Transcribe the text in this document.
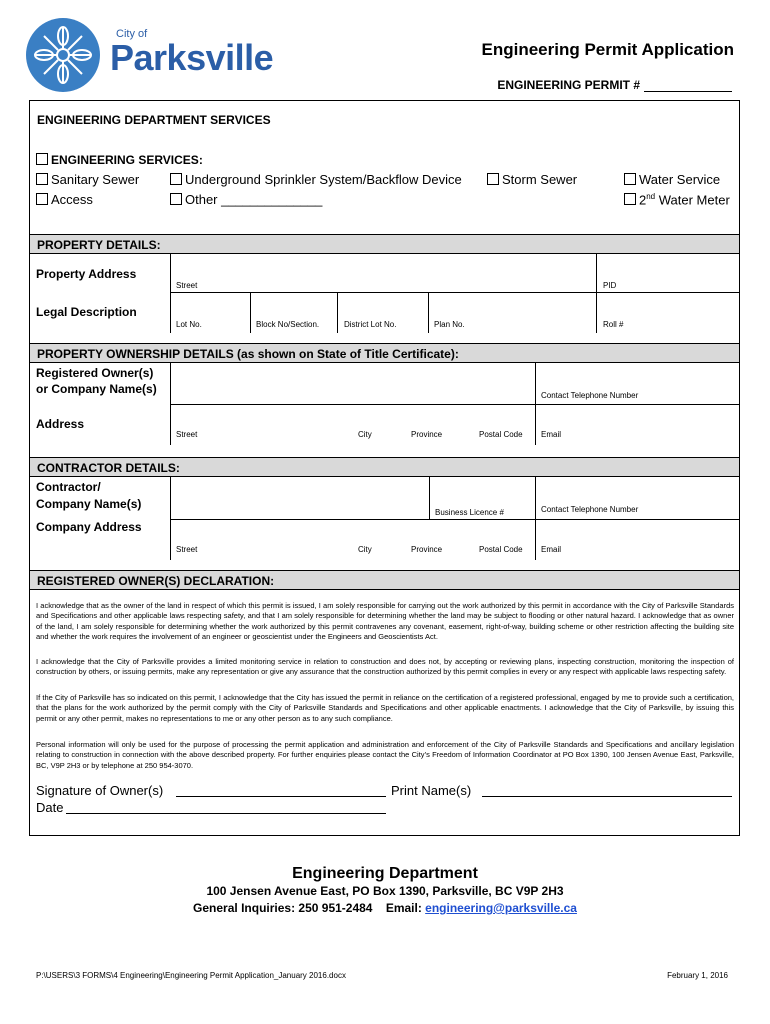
City of
Parksville	Engineering Permit Application
ENGINEERING PERMIT #
ENGINEERING DEPARTMENT SERVICES
ENGINEERING SERVICES:
Sanitary Sewer	Underground Sprinkler System/Backflow Device	Storm Sewer	Water Service
Access	Other ______________	2nd Water Meter
PROPERTY DETAILS:
Property Address
Street	PID
Legal Description
Lot No.	Block No/Section.	District Lot No.	Plan No.	Roll #
PROPERTY OWNERSHIP DETAILS (as shown on State of Title Certificate):
Registered Owner(s)
or Company Name(s)	Contact Telephone Number
Address
Street	City	Province	Postal Code Email
CONTRACTOR DETAILS:
Contractor/
Company Name(s)
Business Licence #	Contact Telephone Number
Company Address
Street	City	Province	Postal Code Email
REGISTERED OWNER(S) DECLARATION:
I acknowledge that as the owner of the land in respect of which this permit is issued, I am solely responsible for carrying out the work authorized by this permit in accordance with the City of Parksville Standards and Specifications and other applicable laws respecting safety, and that I am solely responsible for determining whether the land may be subject to flooding or other natural hazard. I acknowledge that as owner of the land, I am solely responsible for determining whether the work authorized by this permit contravenes any covenant, easement, right-of-way, building scheme or other restriction affecting the building site and whether the work requires the involvement of an engineer or geoscientist under the Engineers and Geoscientists Act.
I acknowledge that the City of Parksville provides a limited monitoring service in relation to construction and does not, by accepting or reviewing plans, inspecting construction, monitoring the inspection of construction by others, or issuing permits, make any representation or give any assurance that the construction authorized by this permit complies in every or any respect with applicable laws respecting safety.
If the City of Parksville has so indicated on this permit, I acknowledge that the City has issued the permit in reliance on the certification of a registered professional, engaged by me to provide such a certification, that the plans for the work authorized by the permit comply with the City of Parksville Standards and Specifications and other applicable enactments. I acknowledge that the City of Parksville, by issuing this permit or any other permit, makes no representations to me or any other person as to any such compliance.
Personal information will only be used for the purpose of processing the permit application and administration and enforcement of the City of Parksville Standards and Specifications and ancillary legislation relating to construction in connection with the above described property. For further enquiries please contact the City’s Freedom of Information Coordinator at PO Box 1390, 100 Jensen Avenue East, Parksville, BC, V9P 2H3 or by telephone at 250 954-3070.
Signature of Owner(s)	Print Name(s)
Date
Engineering Department
100 Jensen Avenue East, PO Box 1390, Parksville, BC V9P 2H3
General Inquiries: 250 951-2484    Email: engineering@parksville.ca
P:\USERS\3 FORMS\4 Engineering\Engineering Permit Application_January 2016.docx	February 1, 2016
